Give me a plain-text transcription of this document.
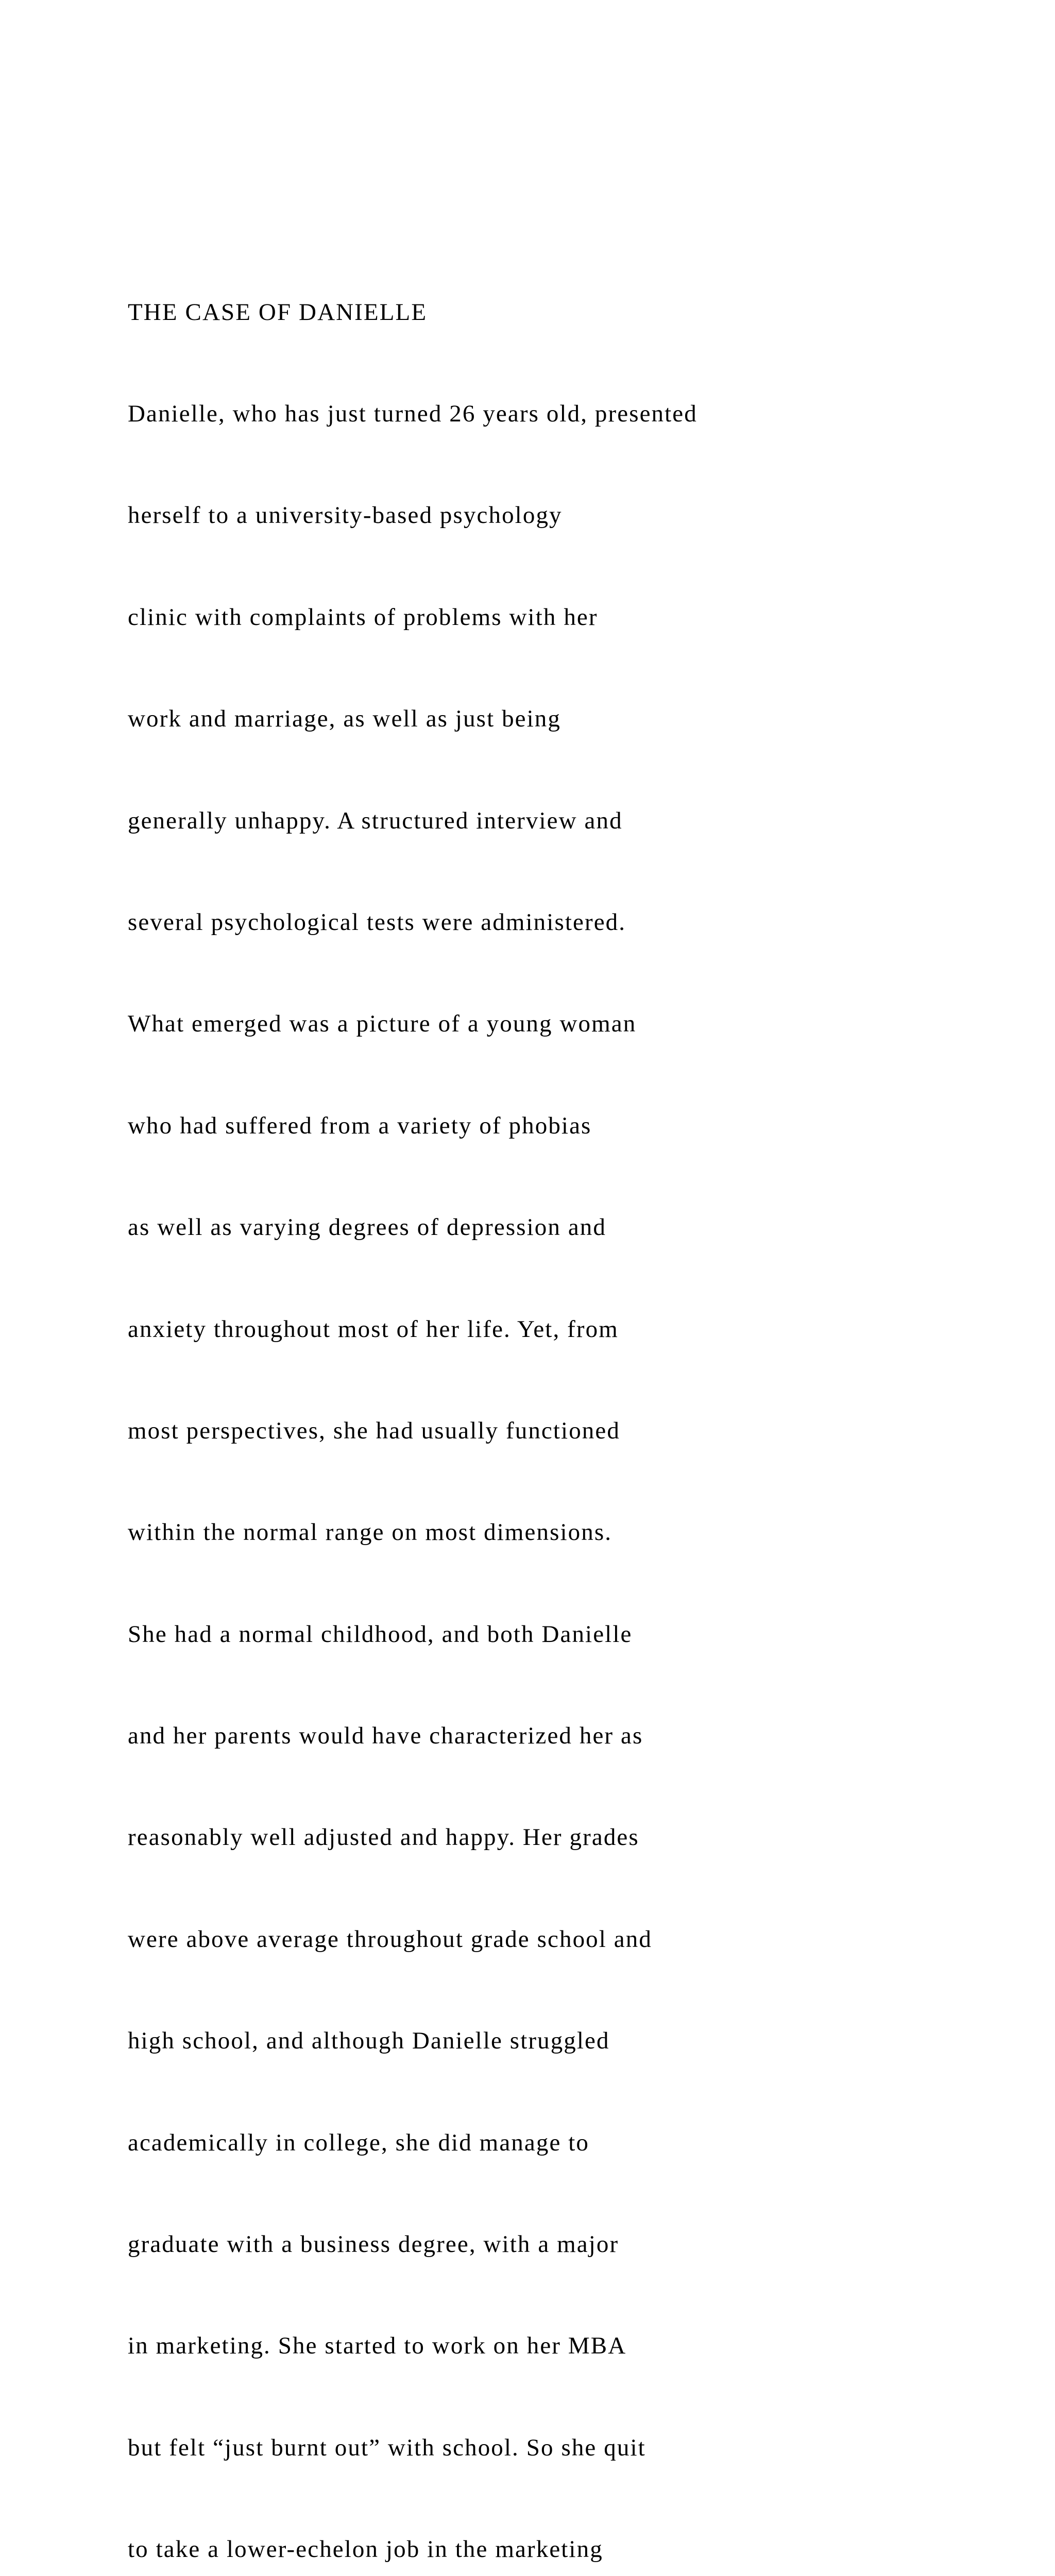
THE CASE OF DANIELLE

Danielle, who has just turned 26 years old, presented

herself to a university-based psychology

clinic with complaints of problems with her

work and marriage, as well as just being

generally unhappy. A structured interview and

several psychological tests were administered.

What emerged was a picture of a young woman

who had suffered from a variety of phobias

as well as varying degrees of depression and

anxiety throughout most of her life. Yet, from

most perspectives, she had usually functioned

within the normal range on most dimensions.

She had a normal childhood, and both Danielle

and her parents would have characterized her as

reasonably well adjusted and happy. Her grades

were above average throughout grade school and

high school, and although Danielle struggled

academically in college, she did manage to

graduate with a business degree, with a major

in marketing. She started to work on her MBA

but felt “just burnt out” with school. So she quit

to take a lower-echelon job in the marketing
